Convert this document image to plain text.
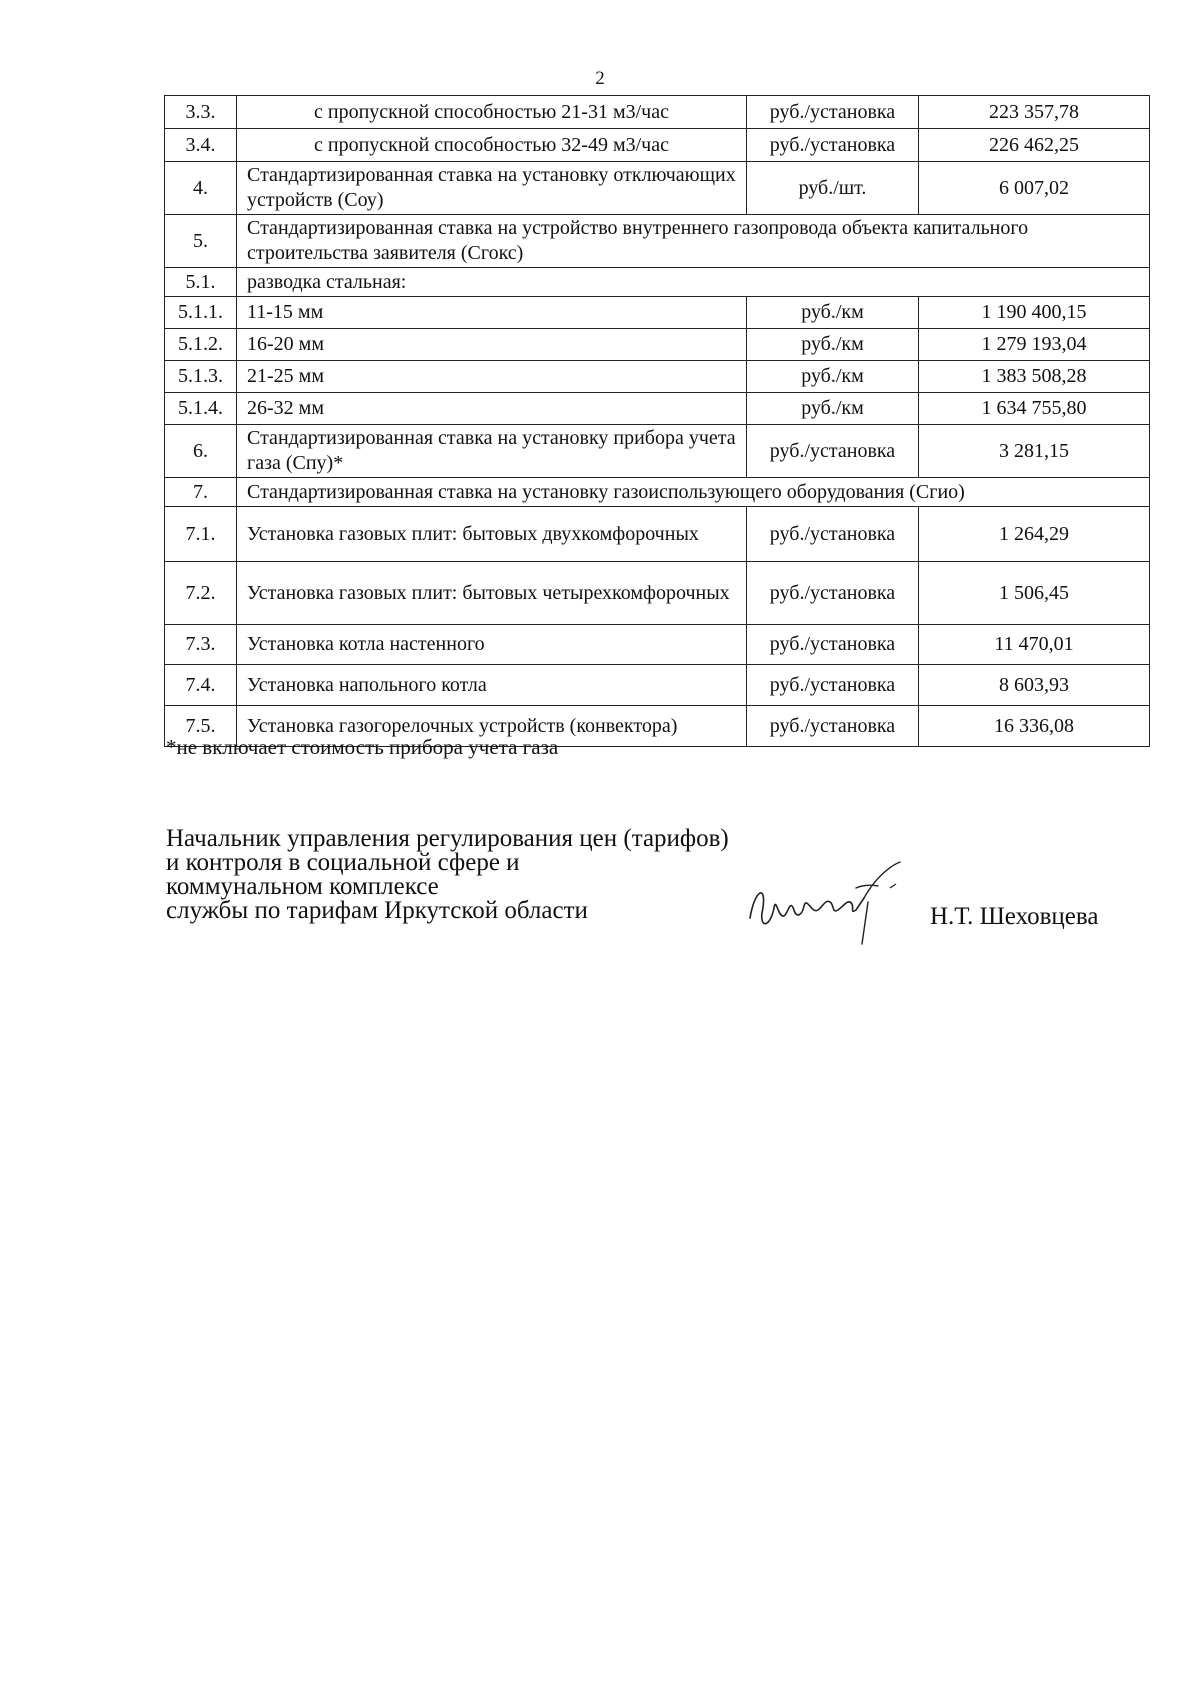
2
3.3.	с пропускной способностью 21-31 м3/час	руб./установка	223 357,78
3.4.	с пропускной способностью 32-49 м3/час	руб./установка	226 462,25
4.	Стандартизированная ставка на установку отключающих устройств (Соу)	руб./шт.	6 007,02
5.	Стандартизированная ставка на устройство внутреннего газопровода объекта капитального строительства заявителя (Сгокс)		
5.1.	разводка стальная:		
5.1.1.	11-15 мм	руб./км	1 190 400,15
5.1.2.	16-20 мм	руб./км	1 279 193,04
5.1.3.	21-25 мм	руб./км	1 383 508,28
5.1.4.	26-32 мм	руб./км	1 634 755,80
6.	Стандартизированная ставка на установку прибора учета газа (Спу)*	руб./установка	3 281,15
7.	Стандартизированная ставка на установку газоиспользующего оборудования (Сгио)		
7.1.	Установка газовых плит: бытовых двухкомфорочных	руб./установка	1 264,29
7.2.	Установка газовых плит: бытовых четырехкомфорочных	руб./установка	1 506,45
7.3.	Установка котла настенного	руб./установка	11 470,01
7.4.	Установка напольного котла	руб./установка	8 603,93
7.5.	Установка газогорелочных устройств (конвектора)	руб./установка	16 336,08
*не включает стоимость прибора учета газа
Начальник управления регулирования цен (тарифов)
и контроля в социальной сфере и
коммунальном комплексе
службы по тарифам Иркутской области	Н.Т. Шеховцева
